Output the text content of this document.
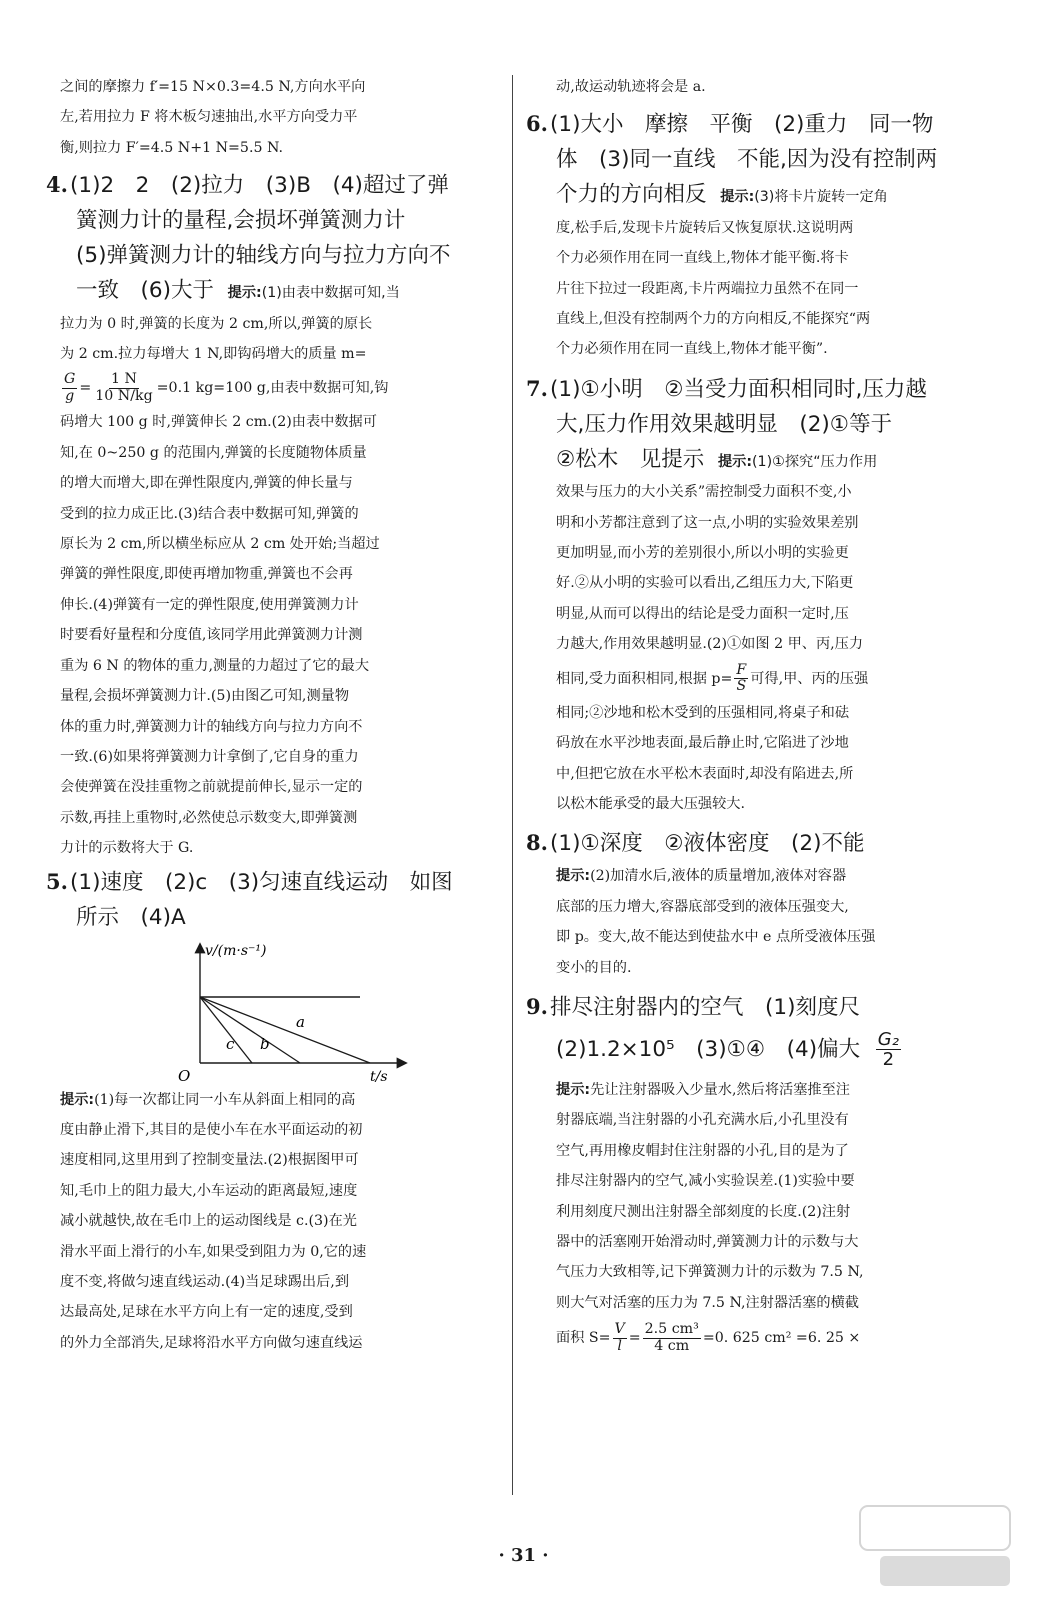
之间的摩擦力 f′=15 N×0.3=4.5 N,方向水平向

左,若用拉力 F 将木板匀速抽出,水平方向受力平

衡,则拉力 F′=4.5 N+1 N=5.5 N.

4.(1)2　2　(2)拉力　(3)B　(4)超过了弹

簧测力计的量程,会损坏弹簧测力计

(5)弹簧测力计的轴线方向与拉力方向不

一致　(6)大于 提示:(1)由表中数据可知,当

拉力为 0 时,弹簧的长度为 2 cm,所以,弹簧的原长

为 2 cm.拉力每增大 1 N,即钩码增大的质量 m=

$\frac{G}{g} = \frac{1 N}{10 N/kg} =0.1$ kg=100 g,由表中数据可知,钩

码增大 100 g 时,弹簧伸长 2 cm.(2)由表中数据可

知,在 0~250 g 的范围内,弹簧的长度随物体质量

的增大而增大,即在弹性限度内,弹簧的伸长量与

受到的拉力成正比.(3)结合表中数据可知,弹簧的

原长为 2 cm,所以横坐标应从 2 cm 处开始;当超过

弹簧的弹性限度,即使再增加物重,弹簧也不会再

伸长.(4)弹簧有一定的弹性限度,使用弹簧测力计

时要看好量程和分度值,该同学用此弹簧测力计测

重为 6 N 的物体的重力,测量的力超过了它的最大

量程,会损坏弹簧测力计.(5)由图乙可知,测量物

体的重力时,弹簧测力计的轴线方向与拉力方向不

一致.(6)如果将弹簧测力计拿倒了,它自身的重力

会使弹簧在没挂重物之前就提前伸长,显示一定的

示数,再挂上重物时,必然使总示数变大,即弹簧测

力计的示数将大于 G.

5.(1)速度　(2)c　(3)匀速直线运动　如图

所示　(4)A

v/(m·s⁻¹)
t/s
O
a
b
c

提示:(1)每一次都让同一小车从斜面上相同的高

度由静止滑下,其目的是使小车在水平面运动的初

速度相同,这里用到了控制变量法.(2)根据图甲可

知,毛巾上的阻力最大,小车运动的距离最短,速度

减小就越快,故在毛巾上的运动图线是 c.(3)在光

滑水平面上滑行的小车,如果受到阻力为 0,它的速

度不变,将做匀速直线运动.(4)当足球踢出后,到

达最高处,足球在水平方向上有一定的速度,受到

的外力全部消失,足球将沿水平方向做匀速直线运

动,故运动轨迹将会是 a.

6.(1)大小　摩擦　平衡　(2)重力　同一物

体　(3)同一直线　不能,因为没有控制两

个力的方向相反 提示:(3)将卡片旋转一定角

度,松手后,发现卡片旋转后又恢复原状.这说明两

个力必须作用在同一直线上,物体才能平衡.将卡

片往下拉过一段距离,卡片两端拉力虽然不在同一

直线上,但没有控制两个力的方向相反,不能探究“两

个力必须作用在同一直线上,物体才能平衡”.

7.(1)①小明　②当受力面积相同时,压力越

大,压力作用效果越明显　(2)①等于

②松木　见提示 提示:(1)①探究“压力作用

效果与压力的大小关系”需控制受力面积不变,小

明和小芳都注意到了这一点,小明的实验效果差别

更加明显,而小芳的差别很小,所以小明的实验更

好.②从小明的实验可以看出,乙组压力大,下陷更

明显,从而可以得出的结论是受力面积一定时,压

力越大,作用效果越明显.(2)①如图 2 甲、丙,压力

相同,受力面积相同,根据 $p= \frac{F}{S}$ 可得,甲、丙的压强

相同;②沙地和松木受到的压强相同,将桌子和砝

码放在水平沙地表面,最后静止时,它陷进了沙地

中,但把它放在水平松木表面时,却没有陷进去,所

以松木能承受的最大压强较大.

8.(1)①深度　②液体密度　(2)不能

提示:(2)加清水后,液体的质量增加,液体对容器

底部的压力增大,容器底部受到的液体压强变大,

即 p。变大,故不能达到使盐水中 e 点所受液体压强

变小的目的.

9.排尽注射器内的空气　(1)刻度尺

(2)1.2×10⁵　(3)①④　(4)偏大 $\frac{\text{G₂}}{2}$

提示:先让注射器吸入少量水,然后将活塞推至注

射器底端,当注射器的小孔充满水后,小孔里没有

空气,再用橡皮帽封住注射器的小孔,目的是为了

排尽注射器内的空气,减小实验误差.(1)实验中要

利用刻度尺测出注射器全部刻度的长度.(2)注射

器中的活塞刚开始滑动时,弹簧测力计的示数与大

气压力大致相等,记下弹簧测力计的示数为 7.5 N,

则大气对活塞的压力为 7.5 N,注射器活塞的横截

面积 $S= \frac{V}{l} = \frac{\text{2.5 cm³}}{4 cm} =0$. 625 cm² =6. 25 ×

· 31 ·
